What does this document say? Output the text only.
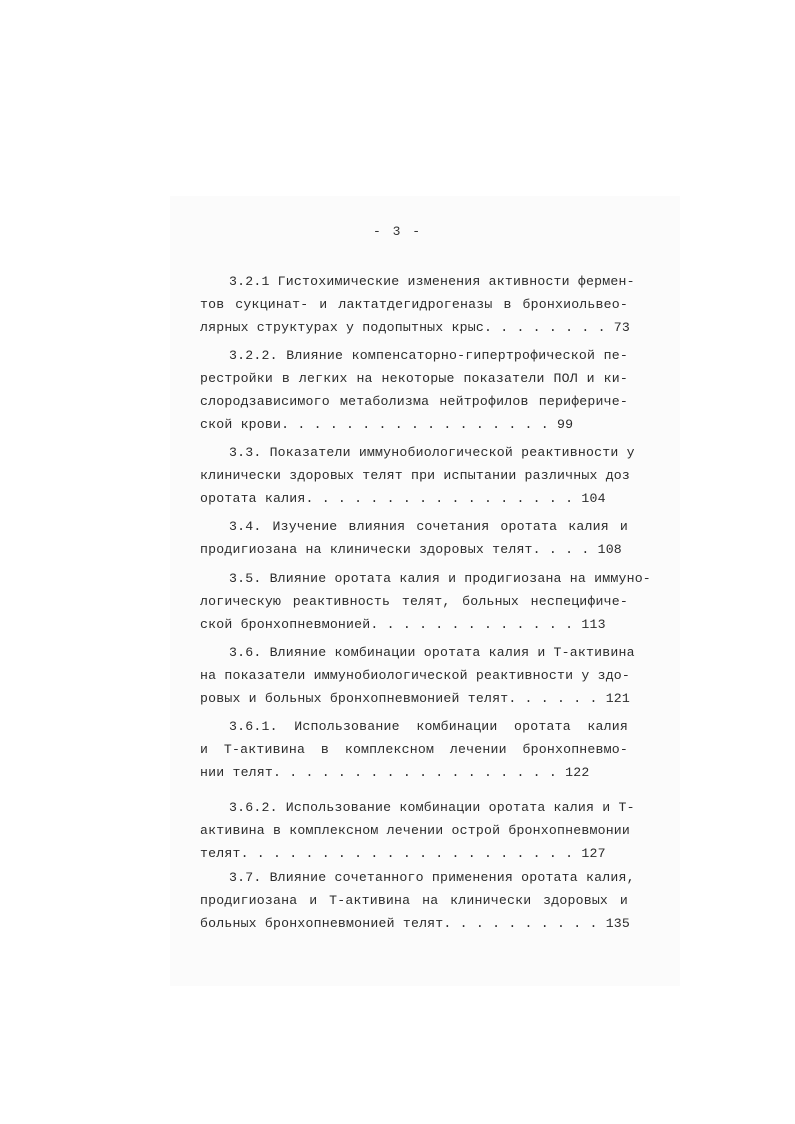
- 3 -
3.2.1 Гистохимические изменения активности фермен-
тов сукцинат- и лактатдегидрогеназы в бронхиольвео-
лярных структурах у подопытных крыс. . . . . . . . 73
3.2.2. Влияние компенсаторно-гипертрофической пе-
рестройки в легких на некоторые показатели ПОЛ и ки-
слородзависимого метаболизма нейтрофилов перифериче-
ской крови. . . . . . . . . . . . . . . . . 99
3.3. Показатели иммунобиологической реактивности у
клинически здоровых телят при испытании различных доз
оротата калия. . . . . . . . . . . . . . . . . 104
3.4. Изучение влияния сочетания оротата калия и
продигиозана на клинически здоровых телят. . . . 108
3.5. Влияние оротата калия и продигиозана на иммуно-
логическую реактивность телят, больных неспецифиче-
ской бронхопневмонией. . . . . . . . . . . . . 113
3.6. Влияние комбинации оротата калия и Т-активина
на показатели иммунобиологической реактивности у здо-
ровых и больных бронхопневмонией телят. . . . . . 121
3.6.1. Использование комбинации оротата калия
и Т-активина в комплексном лечении бронхопневмо-
нии телят. . . . . . . . . . . . . . . . . . 122
3.6.2. Использование комбинации оротата калия и Т-
активина в комплексном лечении острой бронхопневмонии
телят. . . . . . . . . . . . . . . . . . . . . 127
3.7. Влияние сочетанного применения оротата калия,
продигиозана и Т-активина на клинически здоровых и
больных бронхопневмонией телят. . . . . . . . . . 135
